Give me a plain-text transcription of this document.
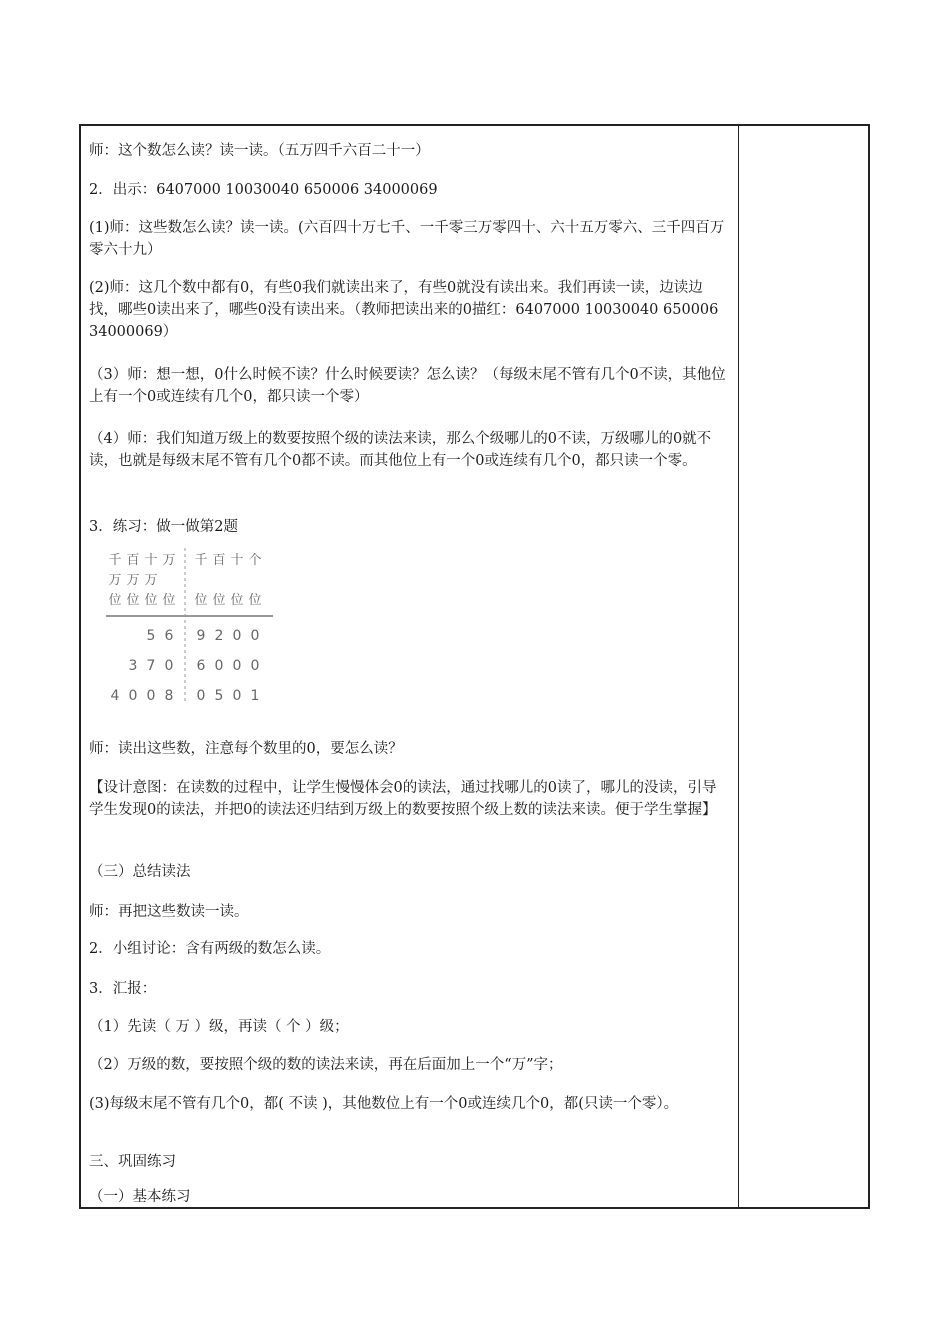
师：这个数怎么读？读一读。（五万四千六百二十一）

2．出示：6407000 10030040 650006 34000069

(1)师：这些数怎么读？读一读。(六百四十万七千、一千零三万零四十、六十五万零六、三千四百万零六十九）

(2)师：这几个数中都有0，有些0我们就读出来了，有些0就没有读出来。我们再读一读，边读边找，哪些0读出来了，哪些0没有读出来。（教师把读出来的0描红：6407000 10030040 650006 34000069）

（3）师：想一想，0什么时候不读？什么时候要读？怎么读？（每级末尾不管有几个0不读，其他位上有一个0或连续有几个0，都只读一个零）

（4）师：我们知道万级上的数要按照个级的读法来读，那么个级哪儿的0不读，万级哪儿的0就不读，也就是每级末尾不管有几个0都不读。而其他位上有一个0或连续有几个0，都只读一个零。

3．练习：做一做第2题

千 百 十 万
万 万 万
位 位 位 位
千 百 十 个
位 位 位 位
5 6 9 2 0 0
3 7 0 6 0 0 0
4 0 0 8 0 5 0 1

师：读出这些数，注意每个数里的0，要怎么读？

【设计意图：在读数的过程中，让学生慢慢体会0的读法，通过找哪儿的0读了，哪儿的没读，引导学生发现0的读法，并把0的读法还归结到万级上的数要按照个级上数的读法来读。便于学生掌握】

（三）总结读法

师：再把这些数读一读。

2．小组讨论：含有两级的数怎么读。

3．汇报：

（1）先读（ 万 ）级，再读（ 个 ）级；

（2）万级的数，要按照个级的数的读法来读，再在后面加上一个“万”字；

(3)每级末尾不管有几个0，都( 不读 )，其他数位上有一个0或连续几个0，都(只读一个零）。

三、巩固练习

（一）基本练习
